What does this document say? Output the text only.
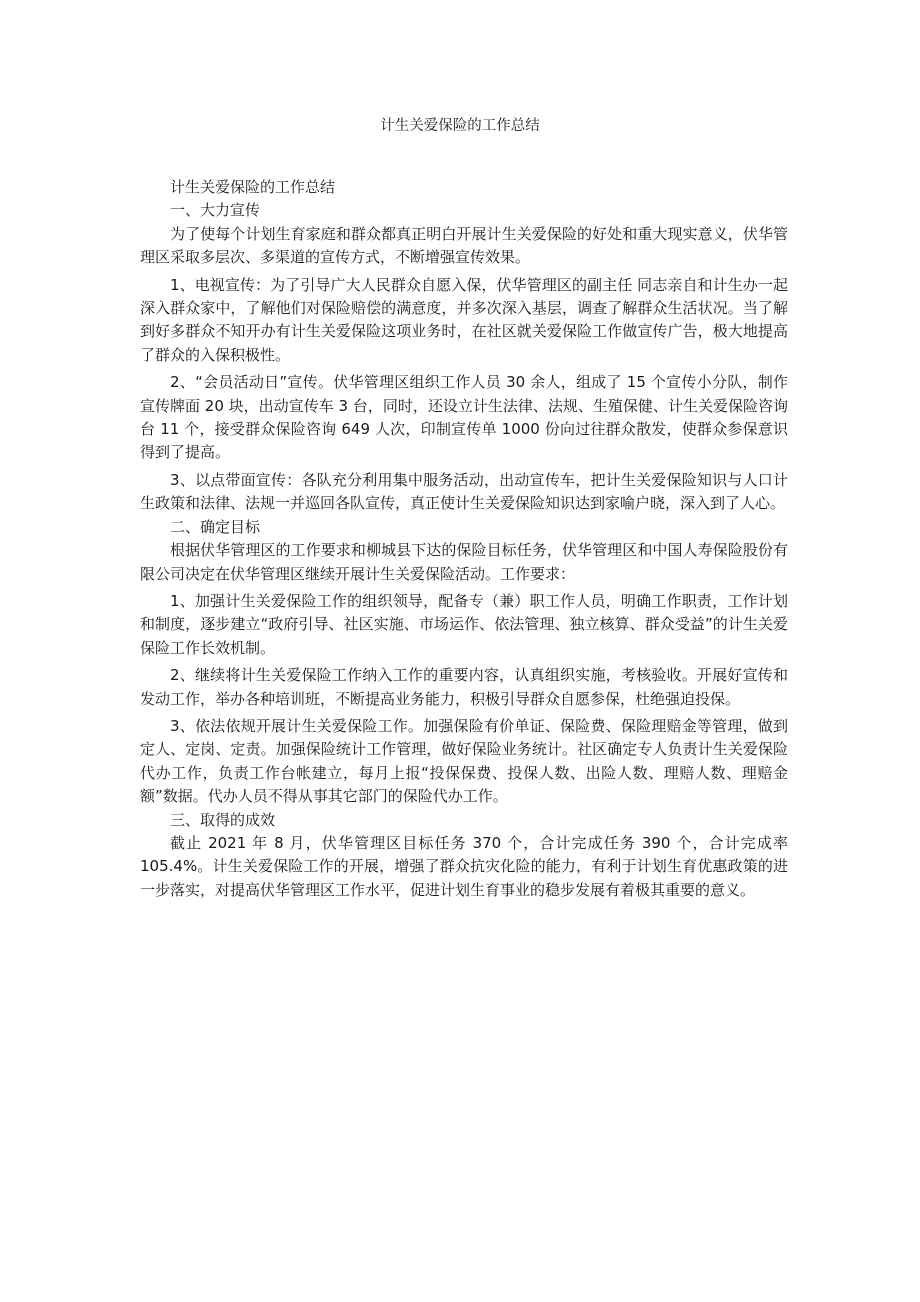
计生关爱保险的工作总结

计生关爱保险的工作总结

一、大力宣传

为了使每个计划生育家庭和群众都真正明白开展计生关爱保险的好处和重大现实意义，伏华管理区采取多层次、多渠道的宣传方式，不断增强宣传效果。

1、电视宣传：为了引导广大人民群众自愿入保，伏华管理区的副主任 同志亲自和计生办一起深入群众家中，了解他们对保险赔偿的满意度，并多次深入基层，调查了解群众生活状况。当了解到好多群众不知开办有计生关爱保险这项业务时，在社区就关爱保险工作做宣传广告，极大地提高了群众的入保积极性。

2、“会员活动日”宣传。伏华管理区组织工作人员 30 余人，组成了 15 个宣传小分队，制作宣传牌面 20 块，出动宣传车 3 台，同时，还设立计生法律、法规、生殖保健、计生关爱保险咨询台 11 个，接受群众保险咨询 649 人次，印制宣传单 1000 份向过往群众散发，使群众参保意识得到了提高。

3、以点带面宣传：各队充分利用集中服务活动，出动宣传车，把计生关爱保险知识与人口计生政策和法律、法规一并巡回各队宣传，真正使计生关爱保险知识达到家喻户晓，深入到了人心。

二、确定目标

根据伏华管理区的工作要求和柳城县下达的保险目标任务，伏华管理区和中国人寿保险股份有限公司决定在伏华管理区继续开展计生关爱保险活动。工作要求：

1、加强计生关爱保险工作的组织领导，配备专（兼）职工作人员，明确工作职责，工作计划和制度，逐步建立“政府引导、社区实施、市场运作、依法管理、独立核算、群众受益”的计生关爱保险工作长效机制。

2、继续将计生关爱保险工作纳入工作的重要内容，认真组织实施，考核验收。开展好宣传和发动工作，举办各种培训班，不断提高业务能力，积极引导群众自愿参保，杜绝强迫投保。

3、依法依规开展计生关爱保险工作。加强保险有价单证、保险费、保险理赔金等管理，做到定人、定岗、定责。加强保险统计工作管理，做好保险业务统计。社区确定专人负责计生关爱保险代办工作，负责工作台帐建立，每月上报“投保保费、投保人数、出险人数、理赔人数、理赔金额”数据。代办人员不得从事其它部门的保险代办工作。

三、取得的成效

截止 2021 年 8 月，伏华管理区目标任务 370 个，合计完成任务 390 个，合计完成率105.4%。计生关爱保险工作的开展，增强了群众抗灾化险的能力，有利于计划生育优惠政策的进一步落实，对提高伏华管理区工作水平，促进计划生育事业的稳步发展有着极其重要的意义。
